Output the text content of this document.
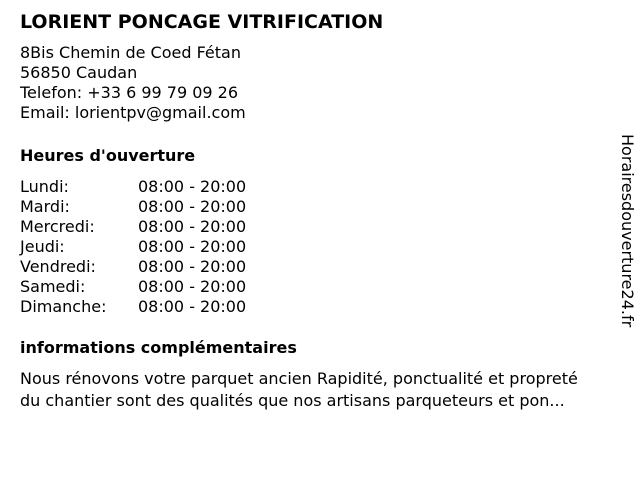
LORIENT PONCAGE VITRIFICATION
8Bis Chemin de Coed Fétan
56850 Caudan
Telefon: +33 6 99 79 09 26
Email: lorientpv@gmail.com
Heures d'ouverture
Lundi:	08:00 - 20:00
Mardi:	08:00 - 20:00
Mercredi:	08:00 - 20:00
Jeudi:	08:00 - 20:00
Vendredi:	08:00 - 20:00
Samedi:	08:00 - 20:00
Dimanche:	08:00 - 20:00
informations complémentaires
Nous rénovons votre parquet ancien Rapidité, ponctualité et propreté
du chantier sont des qualités que nos artisans parqueteurs et pon...
Horairesdouverture24.fr
